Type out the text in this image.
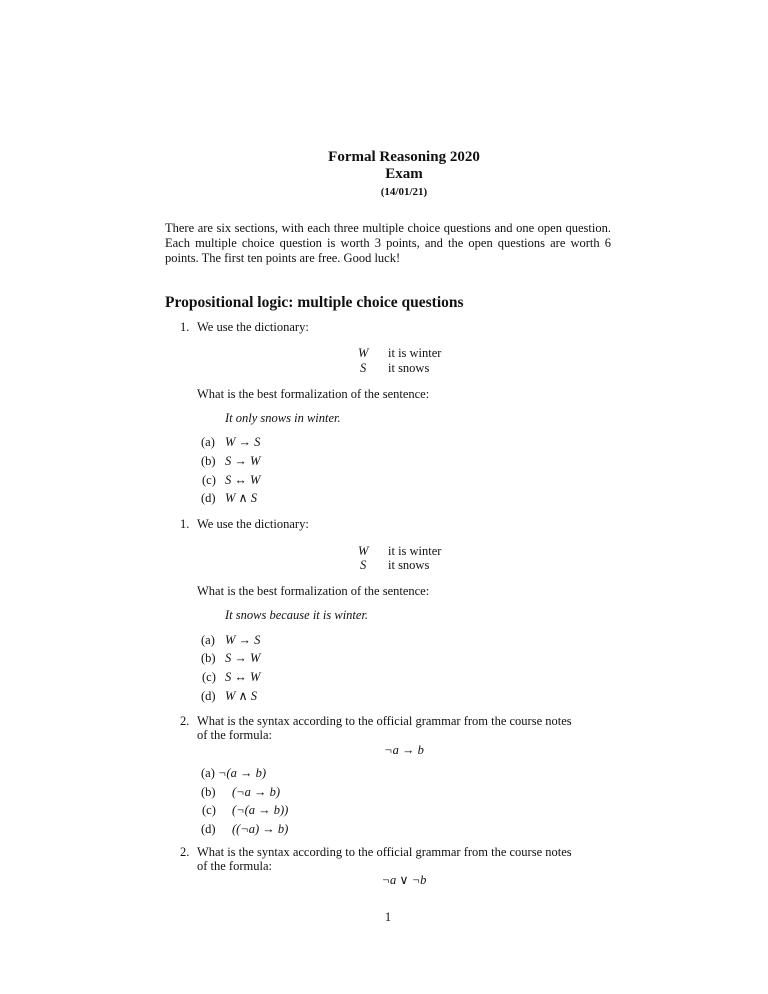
Formal Reasoning 2020
Exam
(14/01/21)
There are six sections, with each three multiple choice questions and one open question. Each multiple choice question is worth 3 points, and the open questions are worth 6 points. The first ten points are free. Good luck!
Propositional logic: multiple choice questions
1. We use the dictionary:
W it is winter
S it snows
What is the best formalization of the sentence:
It only snows in winter.
(a) W → S
(b) S → W
(c) S ↔ W
(d) W ∧ S
1. We use the dictionary:
W it is winter
S it snows
What is the best formalization of the sentence:
It snows because it is winter.
(a) W → S
(b) S → W
(c) S ↔ W
(d) W ∧ S
2. What is the syntax according to the official grammar from the course notes
of the formula:
¬a → b
(a) ¬(a → b)
(b) (¬a → b)
(c) (¬(a → b))
(d) ((¬a) → b)
2. What is the syntax according to the official grammar from the course notes
of the formula:
¬a ∨ ¬b
1
